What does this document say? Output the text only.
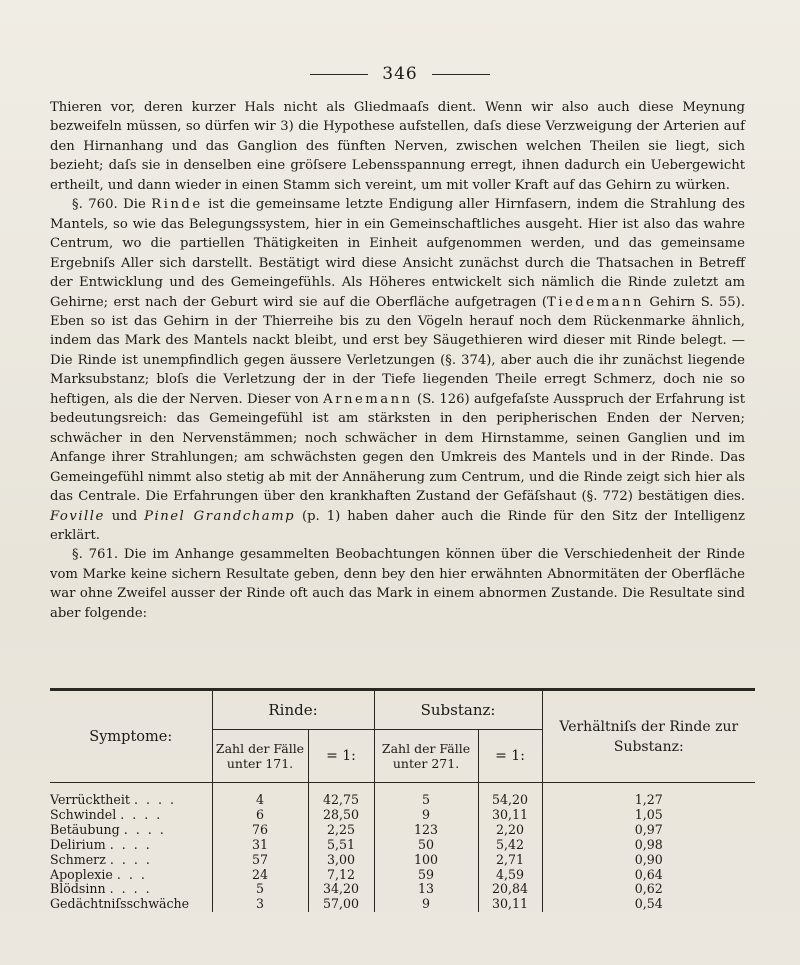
346

Thieren vor, deren kurzer Hals nicht als Gliedmaaſs dient. Wenn wir also auch diese Meynung bezweifeln müssen, so dürfen wir 3) die Hypothese aufstellen, daſs diese Verzweigung der Arterien auf den Hirnanhang und das Ganglion des fünften Nerven, zwischen welchen Theilen sie liegt, sich bezieht; daſs sie in denselben eine gröſsere Lebensspannung erregt, ihnen dadurch ein Uebergewicht ertheilt, und dann wieder in einen Stamm sich vereint, um mit voller Kraft auf das Gehirn zu würken.

§. 760. Die Rinde ist die gemeinsame letzte Endigung aller Hirnfasern, indem die Strahlung des Mantels, so wie das Belegungssystem, hier in ein Gemeinschaftliches ausgeht. Hier ist also das wahre Centrum, wo die partiellen Thätigkeiten in Einheit aufgenommen werden, und das gemeinsame Ergebniſs Aller sich darstellt. Bestätigt wird diese Ansicht zunächst durch die Thatsachen in Betreff der Entwicklung und des Gemeingefühls. Als Höheres entwickelt sich nämlich die Rinde zuletzt am Gehirne; erst nach der Geburt wird sie auf die Oberfläche aufgetragen (Tiedemann Gehirn S. 55). Eben so ist das Gehirn in der Thierreihe bis zu den Vögeln herauf noch dem Rückenmarke ähnlich, indem das Mark des Mantels nackt bleibt, und erst bey Säugethieren wird dieser mit Rinde belegt. — Die Rinde ist unempfindlich gegen äussere Verletzungen (§. 374), aber auch die ihr zunächst liegende Marksubstanz; bloſs die Verletzung der in der Tiefe liegenden Theile erregt Schmerz, doch nie so heftigen, als die der Nerven. Dieser von Arnemann (S. 126) aufgefaſste Ausspruch der Erfahrung ist bedeutungsreich: das Gemeingefühl ist am stärksten in den peripherischen Enden der Nerven; schwächer in den Nervenstämmen; noch schwächer in dem Hirnstamme, seinen Ganglien und im Anfange ihrer Strahlungen; am schwächsten gegen den Umkreis des Mantels und in der Rinde. Das Gemeingefühl nimmt also stetig ab mit der Annäherung zum Centrum, und die Rinde zeigt sich hier als das Centrale. Die Erfahrungen über den krankhaften Zustand der Gefäſshaut (§. 772) bestätigen dies. Foville und Pinel Grandchamp (p. 1) haben daher auch die Rinde für den Sitz der Intelligenz erklärt.

§. 761. Die im Anhange gesammelten Beobachtungen können über die Verschiedenheit der Rinde vom Marke keine sichern Resultate geben, denn bey den hier erwähnten Abnormitäten der Oberfläche war ohne Zweifel ausser der Rinde oft auch das Mark in einem abnormen Zustande. Die Resultate sind aber folgende:

Symptome:	Rinde:		Substanz:		Verhältniſs der Rinde zur Substanz:
	Zahl der Fälle unter 171.	= 1:	Zahl der Fälle unter 271.	= 1:	
Verrücktheit . . . .	4	42,75	5	54,20	1,27
Schwindel . . . .	6	28,50	9	30,11	1,05
Betäubung . . . .	76	2,25	123	2,20	0,97
Delirium . . . .	31	5,51	50	5,42	0,98
Schmerz . . . .	57	3,00	100	2,71	0,90
Apoplexie . . .	24	7,12	59	4,59	0,64
Blödsinn . . . .	5	34,20	13	20,84	0,62
Gedächtniſsschwäche	3	57,00	9	30,11	0,54
